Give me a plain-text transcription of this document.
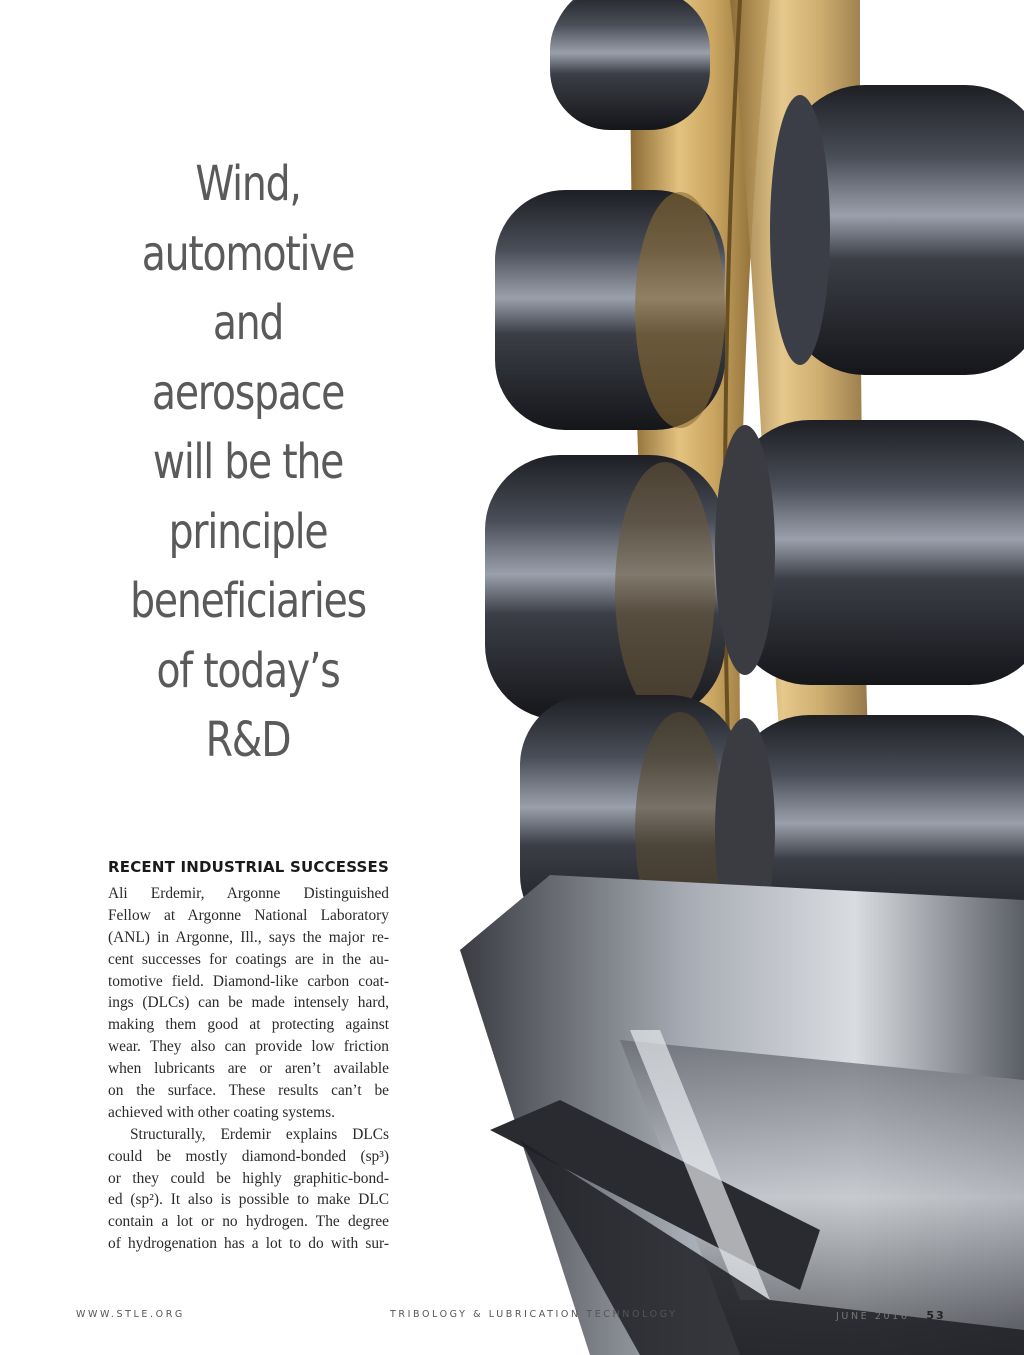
Wind,
automotive
and
aerospace
will be the
principle
beneficiaries
of today’s
R&D
RECENT INDUSTRIAL SUCCESSES
Ali Erdemir, Argonne Distinguished
Fellow at Argonne National Laboratory
(ANL) in Argonne, Ill., says the major re-
cent successes for coatings are in the au-
tomotive field. Diamond-like carbon coat-
ings (DLCs) can be made intensely hard,
making them good at protecting against
wear. They also can provide low friction
when lubricants are or aren’t available
on the surface. These results can’t be
achieved with other coating systems.
Structurally, Erdemir explains DLCs
could be mostly diamond-bonded (sp³)
or they could be highly graphitic-bond-
ed (sp²). It also is possible to make DLC
contain a lot or no hydrogen. The degree
of hydrogenation has a lot to do with sur-
WWW.STLE.ORG	TRIBOLOGY & LUBRICATION TECHNOLOGY	JUNE 2016 · 53
